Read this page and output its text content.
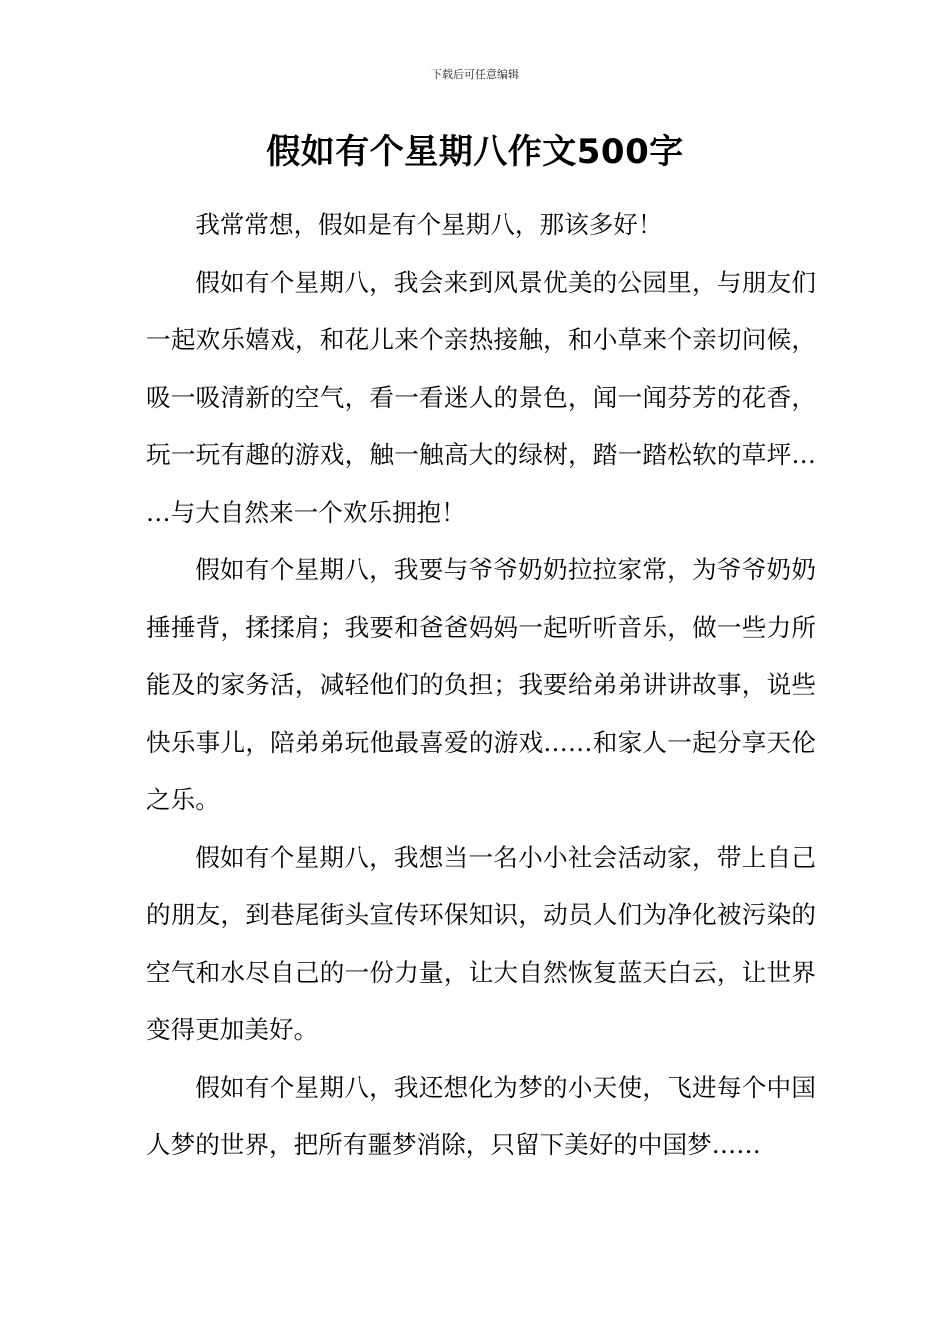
下载后可任意编辑
假如有个星期八作文500字

我常常想，假如是有个星期八，那该多好！

假如有个星期八，我会来到风景优美的公园里，与朋友们一起欢乐嬉戏，和花儿来个亲热接触，和小草来个亲切问候，吸一吸清新的空气，看一看迷人的景色，闻一闻芬芳的花香，玩一玩有趣的游戏，触一触高大的绿树，踏一踏松软的草坪……与大自然来一个欢乐拥抱！

假如有个星期八，我要与爷爷奶奶拉拉家常，为爷爷奶奶捶捶背，揉揉肩；我要和爸爸妈妈一起听听音乐，做一些力所能及的家务活，减轻他们的负担；我要给弟弟讲讲故事，说些快乐事儿，陪弟弟玩他最喜爱的游戏……和家人一起分享天伦之乐。

假如有个星期八，我想当一名小小社会活动家，带上自己的朋友，到巷尾街头宣传环保知识，动员人们为净化被污染的空气和水尽自己的一份力量，让大自然恢复蓝天白云，让世界变得更加美好。

假如有个星期八，我还想化为梦的小天使，飞进每个中国人梦的世界，把所有噩梦消除，只留下美好的中国梦……
